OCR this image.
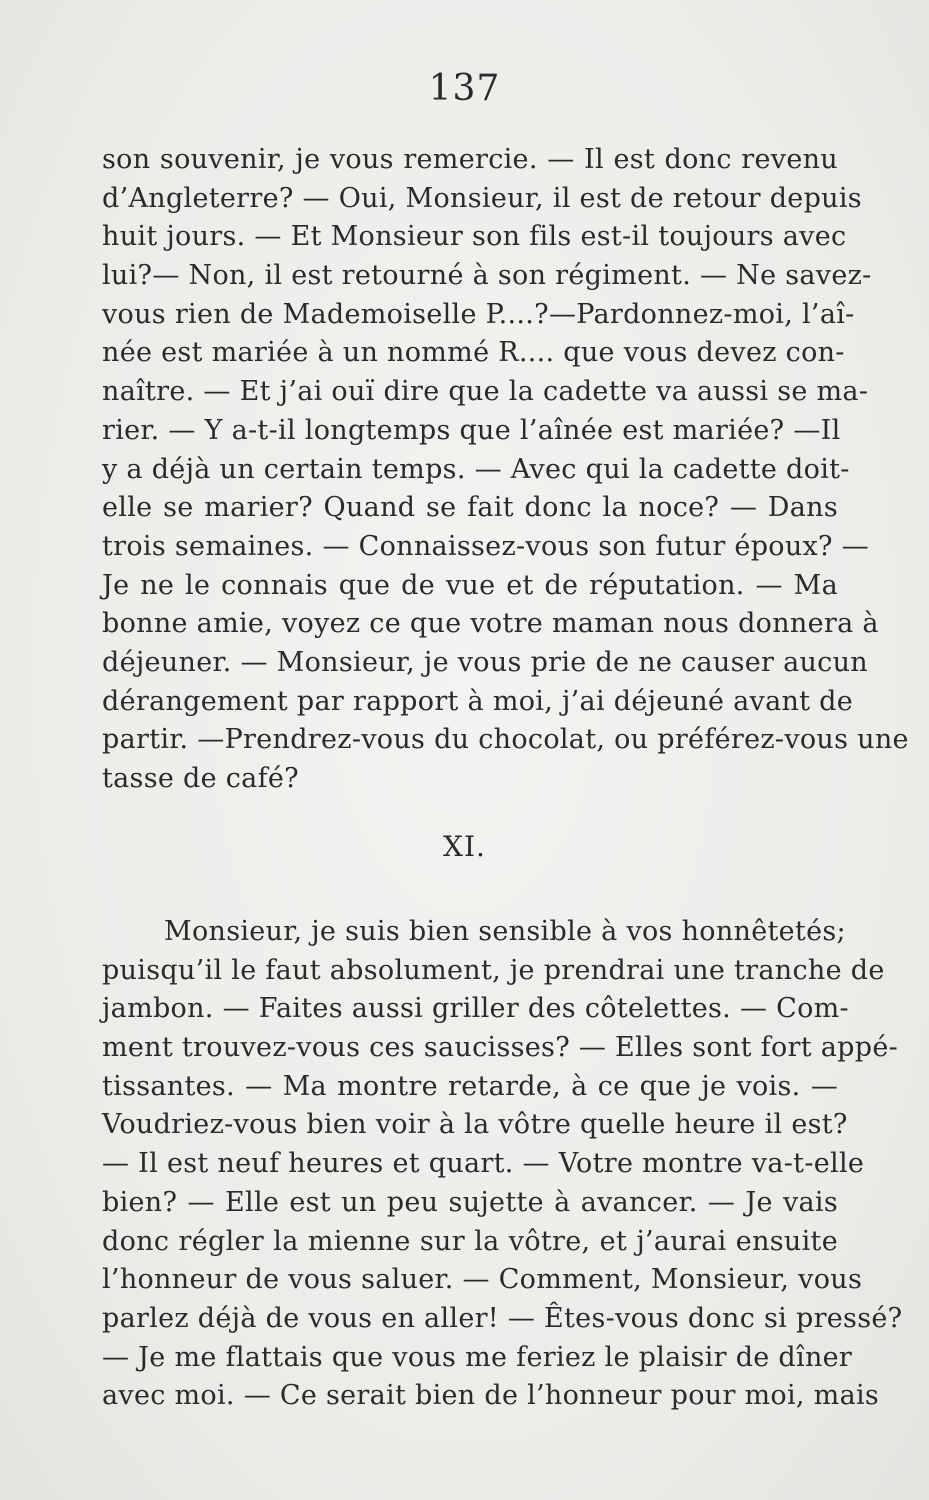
137
son souvenir, je vous remercie. — Il est donc revenu
d’Angleterre? — Oui, Monsieur, il est de retour depuis
huit jours. — Et Monsieur son fils est-il toujours avec
lui?— Non, il est retourné à son régiment. — Ne savez-
vous rien de Mademoiselle P....?—Pardonnez-moi, l’aî-
née est mariée à un nommé R.... que vous devez con-
naître. — Et j’ai ouï dire que la cadette va aussi se ma-
rier. — Y a-t-il longtemps que l’aînée est mariée? —Il
y a déjà un certain temps. — Avec qui la cadette doit-
elle se marier? Quand se fait donc la noce? — Dans
trois semaines. — Connaissez-vous son futur époux? —
Je ne le connais que de vue et de réputation. — Ma
bonne amie, voyez ce que votre maman nous donnera à
déjeuner. — Monsieur, je vous prie de ne causer aucun
dérangement par rapport à moi, j’ai déjeuné avant de
partir. —Prendrez-vous du chocolat, ou préférez-vous une
tasse de café?
XI.
Monsieur, je suis bien sensible à vos honnêtetés;
puisqu’il le faut absolument, je prendrai une tranche de
jambon. — Faites aussi griller des côtelettes. — Com-
ment trouvez-vous ces saucisses? — Elles sont fort appé-
tissantes. — Ma montre retarde, à ce que je vois. —
Voudriez-vous bien voir à la vôtre quelle heure il est?
— Il est neuf heures et quart. — Votre montre va-t-elle
bien? — Elle est un peu sujette à avancer. — Je vais
donc régler la mienne sur la vôtre, et j’aurai ensuite
l’honneur de vous saluer. — Comment, Monsieur, vous
parlez déjà de vous en aller! — Êtes-vous donc si pressé?
— Je me flattais que vous me feriez le plaisir de dîner
avec moi. — Ce serait bien de l’honneur pour moi, mais
